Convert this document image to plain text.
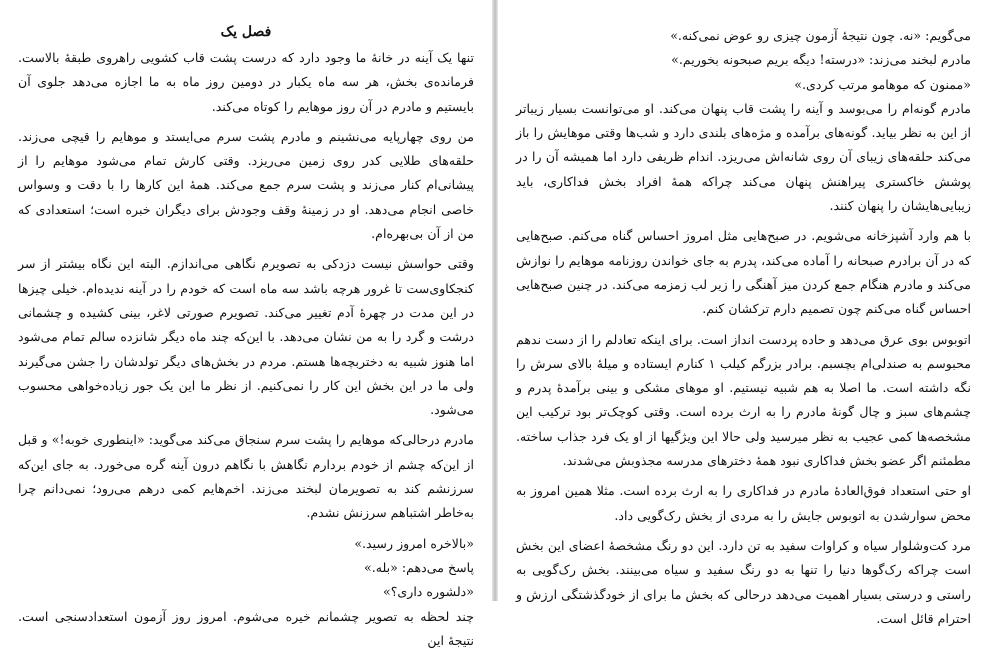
فصل یک

تنها یک آینه در خانهٔ ما وجود دارد که درست پشت قاب کشویی راهروی طبقهٔ بالاست. فرمانده‌ی بخش، هر سه ماه یکبار در دومین روز ماه به ما اجازه می‌دهد جلوی آن بایستیم و مادرم در آن روز موهایم را کوتاه می‌کند.

من روی چهارپایه می‌نشینم و مادرم پشت سرم می‌ایستد و موهایم را قیچی می‌زند. حلقه‌های طلایی کدر روی زمین می‌ریزد. وقتی کارش تمام می‌شود موهایم را از پیشانی‌ام کنار می‌زند و پشت سرم جمع می‌کند. همهٔ این کارها را با دقت و وسواس خاصی انجام می‌دهد. او در زمینهٔ وقف وجودش برای دیگران خبره است؛ استعدادی که من از آن بی‌بهره‌ام.

وقتی حواسش نیست دزدکی به تصویرم نگاهی می‌اندازم. البته این نگاه بیشتر از سر کنجکاوی‌ست تا غرور هرچه باشد سه ماه است که خودم را در آینه ندیده‌ام. خیلی چیزها در این مدت در چهرهٔ آدم تغییر می‌کند. تصویرم صورتی لاغر، بینی کشیده و چشمانی درشت و گرد را به من نشان می‌دهد. با این‌که چند ماه دیگر شانزده سالم تمام می‌شود اما هنوز شبیه به دختربچه‌ها هستم. مردم در بخش‌های دیگر تولدشان را جشن می‌گیرند ولی ما در این بخش این کار را نمی‌کنیم. از نظر ما این یک جور زیاده‌خواهی محسوب می‌شود.

مادرم درحالی‌که موهایم را پشت سرم سنجاق می‌کند می‌گوید: «اینطوری خوبه!» و قبل از این‌که چشم از خودم بردارم نگاهش با نگاهم درون آینه گره می‌خورد. به جای این‌که سرزنشم کند به تصویرمان لبخند می‌زند. اخم‌هایم کمی درهم می‌رود؛ نمی‌دانم چرا به‌خاطر اشتباهم سرزنش نشدم.

«بالاخره امروز رسید.»

پاسخ می‌دهم: «بله.»

«دلشوره داری؟»

چند لحظه به تصویر چشمانم خیره می‌شوم. امروز روز آزمون استعدادسنجی است. نتیجهٔ این

می‌گویم: «نه. چون نتیجهٔ آزمون چیزی رو عوض نمی‌کنه.»

مادرم لبخند می‌زند: «درسته! دیگه بریم صبحونه بخوریم.»

«ممنون که موهامو مرتب کردی.»

مادرم گونه‌ام را می‌بوسد و آینه را پشت قاب پنهان می‌کند. او می‌توانست بسیار زیباتر از این به نظر بیاید. گونه‌های برآمده و مژه‌های بلندی دارد و شب‌ها وقتی موهایش را باز می‌کند حلقه‌های زیبای آن روی شانه‌اش می‌ریزد. اندام ظریفی دارد اما همیشه آن را در پوشش خاکستری پیراهنش پنهان می‌کند چراکه همهٔ افراد بخش فداکاری، باید زیبایی‌هایشان را پنهان کنند.

با هم وارد آشپزخانه می‌شویم. در صبح‌هایی مثل امروز احساس گناه می‌کنم. صبح‌هایی که در آن برادرم صبحانه را آماده می‌کند، پدرم به جای خواندن روزنامه موهایم را نوازش می‌کند و مادرم هنگام جمع کردن میز آهنگی را زیر لب زمزمه می‌کند. در چنین صبح‌هایی احساس گناه می‌کنم چون تصمیم دارم ترکشان کنم.

اتوبوس بوی عرق می‌دهد و حاده پردست انداز است. برای اینکه تعادلم را از دست ندهم محبوسم به صندلی‌ام بچسبم. برادر بزرگم کیلب ۱ کنارم ایستاده و میلهٔ بالای سرش را نگه داشته است. ما اصلا به هم شبیه نیستیم. او موهای مشکی و بینی برآمدهٔ پدرم و چشم‌های سبز و چال گونهٔ مادرم را به ارث برده است. وقتی کوچک‌تر بود ترکیب این مشخصه‌ها کمی عجیب به نظر میرسید ولی حالا این ویژگیها از او یک فرد جذاب ساخته. مطمئنم اگر عضو بخش فداکاری نبود همهٔ دخترهای مدرسه مجذوبش می‌شدند.

او حتی استعداد فوق‌العادهٔ مادرم در فداکاری را به ارث برده است. مثلا همین امروز به محض سوارشدن به اتوبوس جایش را به مردی از بخش رک‌گویی داد.

مرد کت‌وشلوار سیاه و کراوات سفید به تن دارد. این دو رنگ مشخصهٔ اعضای این بخش است چراکه رک‌گوها دنیا را تنها به دو رنگ سفید و سیاه می‌بینند. بخش رک‌گویی به راستی و درستی بسیار اهمیت می‌دهد درحالی که بخش ما برای از خودگذشتگی ارزش و احترام قائل است.
